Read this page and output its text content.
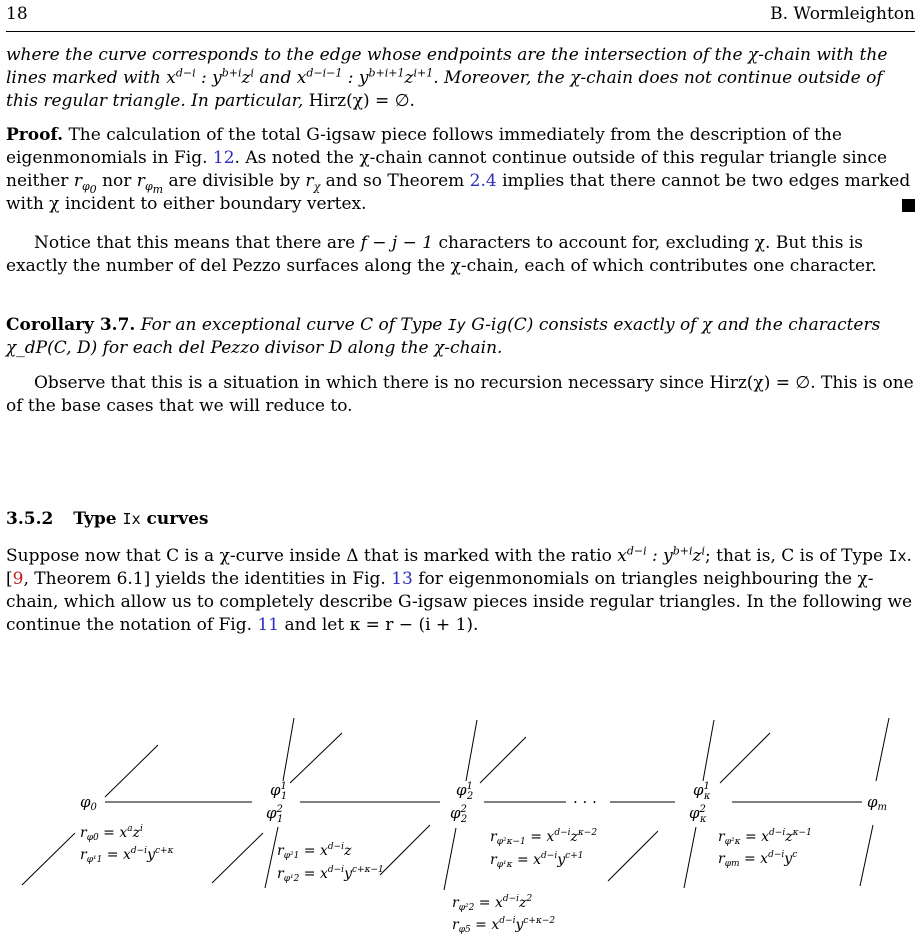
18	B. Wormleighton

where the curve corresponds to the edge whose endpoints are the intersection of the χ-chain with the lines marked with $x^{d-i}$ : $y^{b+i}z^i$ and $x^{d-i-1}$ : $y^{b+i+1}z^{i+1}$. Moreover, the χ-chain does not continue outside of this regular triangle. In particular, Hirz(χ) = ∅.

Proof. The calculation of the total G-igsaw piece follows immediately from the description of the eigenmonomials in Fig. 12. As noted the χ-chain cannot continue outside of this regular triangle since neither $r_{\varphi_0}$ nor $r_{\varphi_m}$ are divisible by $r_\chi$ and so Theorem 2.4 implies that there cannot be two edges marked with χ incident to either boundary vertex.

Notice that this means that there are f − j − 1 characters to account for, excluding χ. But this is exactly the number of del Pezzo surfaces along the χ-chain, each of which contributes one character.

Corollary 3.7. For an exceptional curve C of Type Iy G-ig(C) consists exactly of χ and the characters χ_dP(C, D) for each del Pezzo divisor D along the χ-chain.

Observe that this is a situation in which there is no recursion necessary since Hirz(χ) = ∅. This is one of the base cases that we will reduce to.

3.5.2 Type Ix curves

Suppose now that C is a χ-curve inside Δ that is marked with the ratio $x^{d-i}$ : $y^{b+i}z^i$; that is, C is of Type Ix. [9, Theorem 6.1] yields the identities in Fig. 13 for eigenmonomials on triangles neighbouring the χ-chain, which allow us to completely describe G-igsaw pieces inside regular triangles. In the following we continue the notation of Fig. 11 and let κ = r − (i + 1).

$\varphi_0$
$\varphi^1$ 1
$\varphi^2$ 1
$\varphi^1$ 2
$\varphi^2$ 2
· · ·
$\varphi^1$ κ
$\varphi^2$ κ
$\varphi_m$
$r_{\varphi 0} = x^az^i$
$r_{\varphi^11} = x^{d-i}y^{c+\kappa}$	$r_{\varphi^21} = x^{d-i}z$
$r_{\varphi^12} = x^{d-i}y^{c+\kappa-1}$
$r_{\varphi^2\kappa-1} = x^{d-i}z^{\kappa-2}$
$r_{\varphi^1\kappa} = x^{d-i}y^{c+1}$
$r_{\varphi^22} = x^{d-i}z^2$
$r_{\varphi 5} = x^{d-i}y^{c+\kappa-2}$
$r_{\varphi^2\kappa} = x^{d-i}z^{\kappa-1}$
$r_{\varphi m} = x^{d-i}y^c$
